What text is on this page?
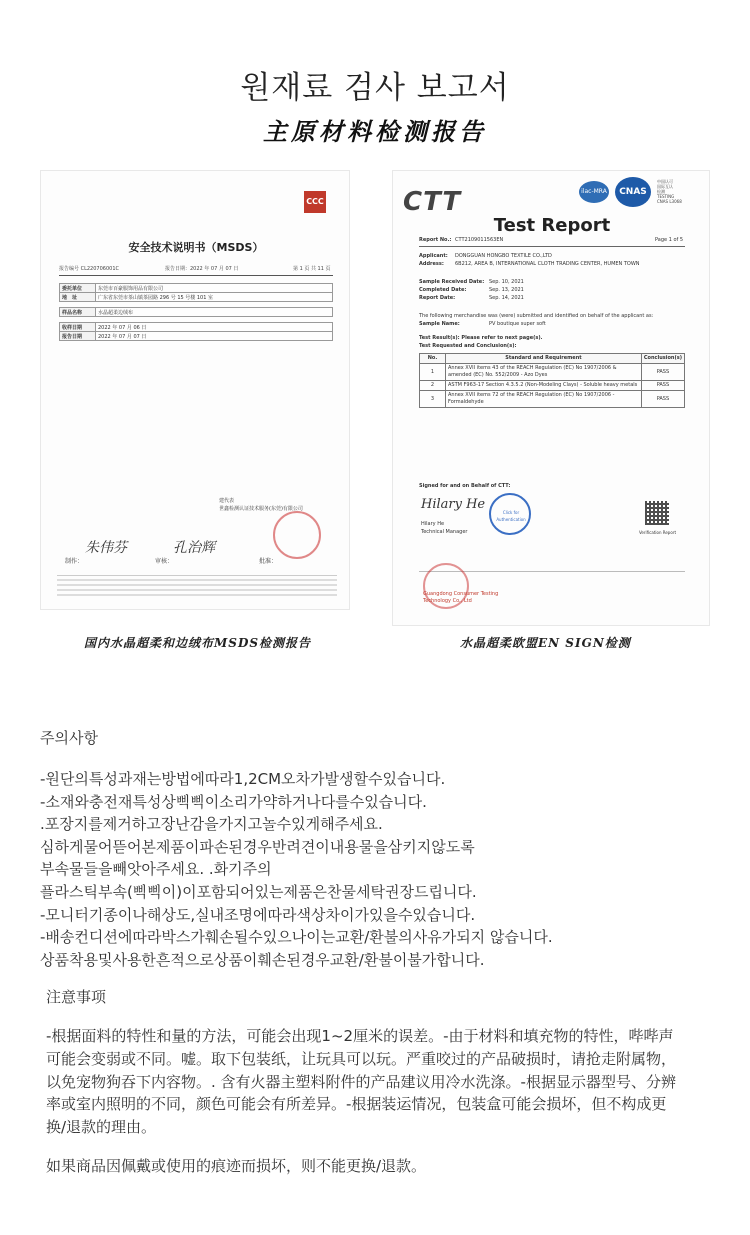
원재료 검사 보고서
主原材料检测报告
CCC
安全技术说明书（MSDS）
报告编号 CL220706001C	报告日期：2022 年 07 月 07 日	第 1 页 共 11 页
委托单位	东莞市百豪服饰用品有限公司
地　址	广东省东莞市茶山镇茶园路 296 号 15 号楼 101 室

样品名称	水晶超柔边绒布

收样日期	2022 年 07 月 06 日
报告日期	2022 年 07 月 07 日
建代表
世鑫检测认证技术服务(东莞)有限公司
制作：
朱伟芬
审核：
孔治辉
批准：
CTT	ilac-MRA	CNAS
中国认可
国际互认
检测
TESTING
CNAS L3068
Test Report
Report No.: CTT2109011563EN	Page 1 of 5
Applicant: DONGGUAN HONGBO TEXTILE CO.,LTD
Address: 6B212, AREA B, INTERNATIONAL CLOTH TRADING CENTER, HUMEN TOWN
Sample Received Date: Sep. 10, 2021
Completed Date:	Sep. 13, 2021
Report Date:	Sep. 14, 2021
The following merchandise was (were) submitted and identified on behalf of the applicant as:
Sample Name:	PV boutique super soft
Test Result(s): Please refer to next page(s).
Test Requested and Conclusion(s):
No.	Standard and Requirement	Conclusion(s)
1	Annex XVII items 43 of the REACH Regulation (EC) No 1907/2006 & amended (EC) No. 552/2009 - Azo Dyes	PASS
2	ASTM F963-17 Section 4.3.5.2 (Non-Modeling Clays) - Soluble heavy metals	PASS
3	Annex XVII items 72 of the REACH Regulation (EC) No 1907/2006 - Formaldehyde	PASS
Signed for and on Behalf of CTT:
Hilary He
Click for Authentication
Hilary He
Technical Manager	Verification Report
Guangdong Consumer Testing Technology Co., Ltd
国内水晶超柔和边绒布MSDS检测报告	水晶超柔欧盟EN SIGN检测
주의사항
-원단의특성과재는방법에따라1,2CM오차가발생할수있습니다.
-소재와충전재특성상삑삑이소리가약하거나다를수있습니다.
.포장지를제거하고장난감을가지고놀수있게해주세요.
심하게물어뜯어본제품이파손된경우반려견이내용물을삼키지않도록
부속물들을빼앗아주세요. .화기주의
플라스틱부속(삑삑이)이포함되어있는제품은찬물세탁권장드립니다.
-모니터기종이나해상도,실내조명에따라색상차이가있을수있습니다.
-배송컨디션에따라박스가훼손될수있으나이는교환/환불의사유가되지 않습니다.
상품착용및사용한흔적으로상품이훼손된경우교환/환불이불가합니다.
注意事项
-根据面料的特性和量的方法，可能会出现1~2厘米的误差。-由于材料和填充物的特性，哔哔声可能会变弱或不同。嘘。取下包装纸，让玩具可以玩。严重咬过的产品破损时，请抢走附属物，以免宠物狗吞下内容物。. 含有火器主塑料附件的产品建议用冷水洗涤。-根据显示器型号、分辨率或室内照明的不同，颜色可能会有所差异。-根据装运情况，包装盒可能会损坏，但不构成更换/退款的理由。
如果商品因佩戴或使用的痕迹而损坏，则不能更换/退款。
